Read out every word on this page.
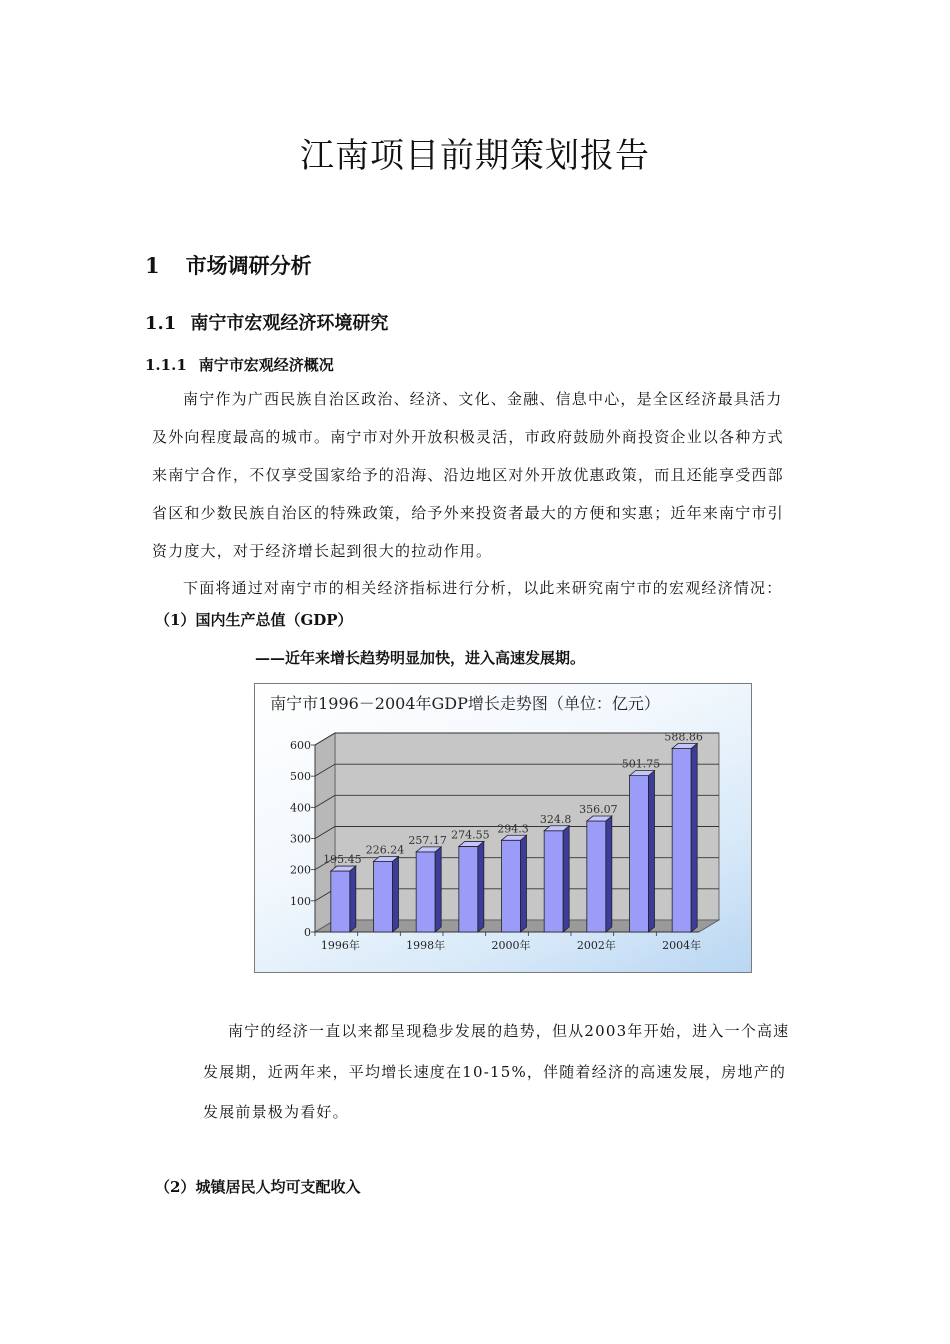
江南项目前期策划报告
1 市场调研分析
1.1 南宁市宏观经济环境研究
1.1.1 南宁市宏观经济概况
南宁作为广西民族自治区政治、经济、文化、金融、信息中心，是全区经济最具活力
及外向程度最高的城市。南宁市对外开放积极灵活，市政府鼓励外商投资企业以各种方式
来南宁合作，不仅享受国家给予的沿海、沿边地区对外开放优惠政策，而且还能享受西部
省区和少数民族自治区的特殊政策，给予外来投资者最大的方便和实惠；近年来南宁市引
资力度大，对于经济增长起到很大的拉动作用。
下面将通过对南宁市的相关经济指标进行分析，以此来研究南宁市的宏观经济情况：
（1）国内生产总值（GDP）
——近年来增长趋势明显加快，进入高速发展期。
南宁市1996－2004年GDP增长走势图（单位：亿元）
0
100
200
300
400
500
600
195.45
226.24
257.17 274.55 294.3
324.8
356.07
501.75
588.86
1996年	1998年	2000年	2002年	2004年
南宁的经济一直以来都呈现稳步发展的趋势，但从2003年开始，进入一个高速
发展期，近两年来，平均增长速度在10-15%，伴随着经济的高速发展，房地产的
发展前景极为看好。
（2）城镇居民人均可支配收入
